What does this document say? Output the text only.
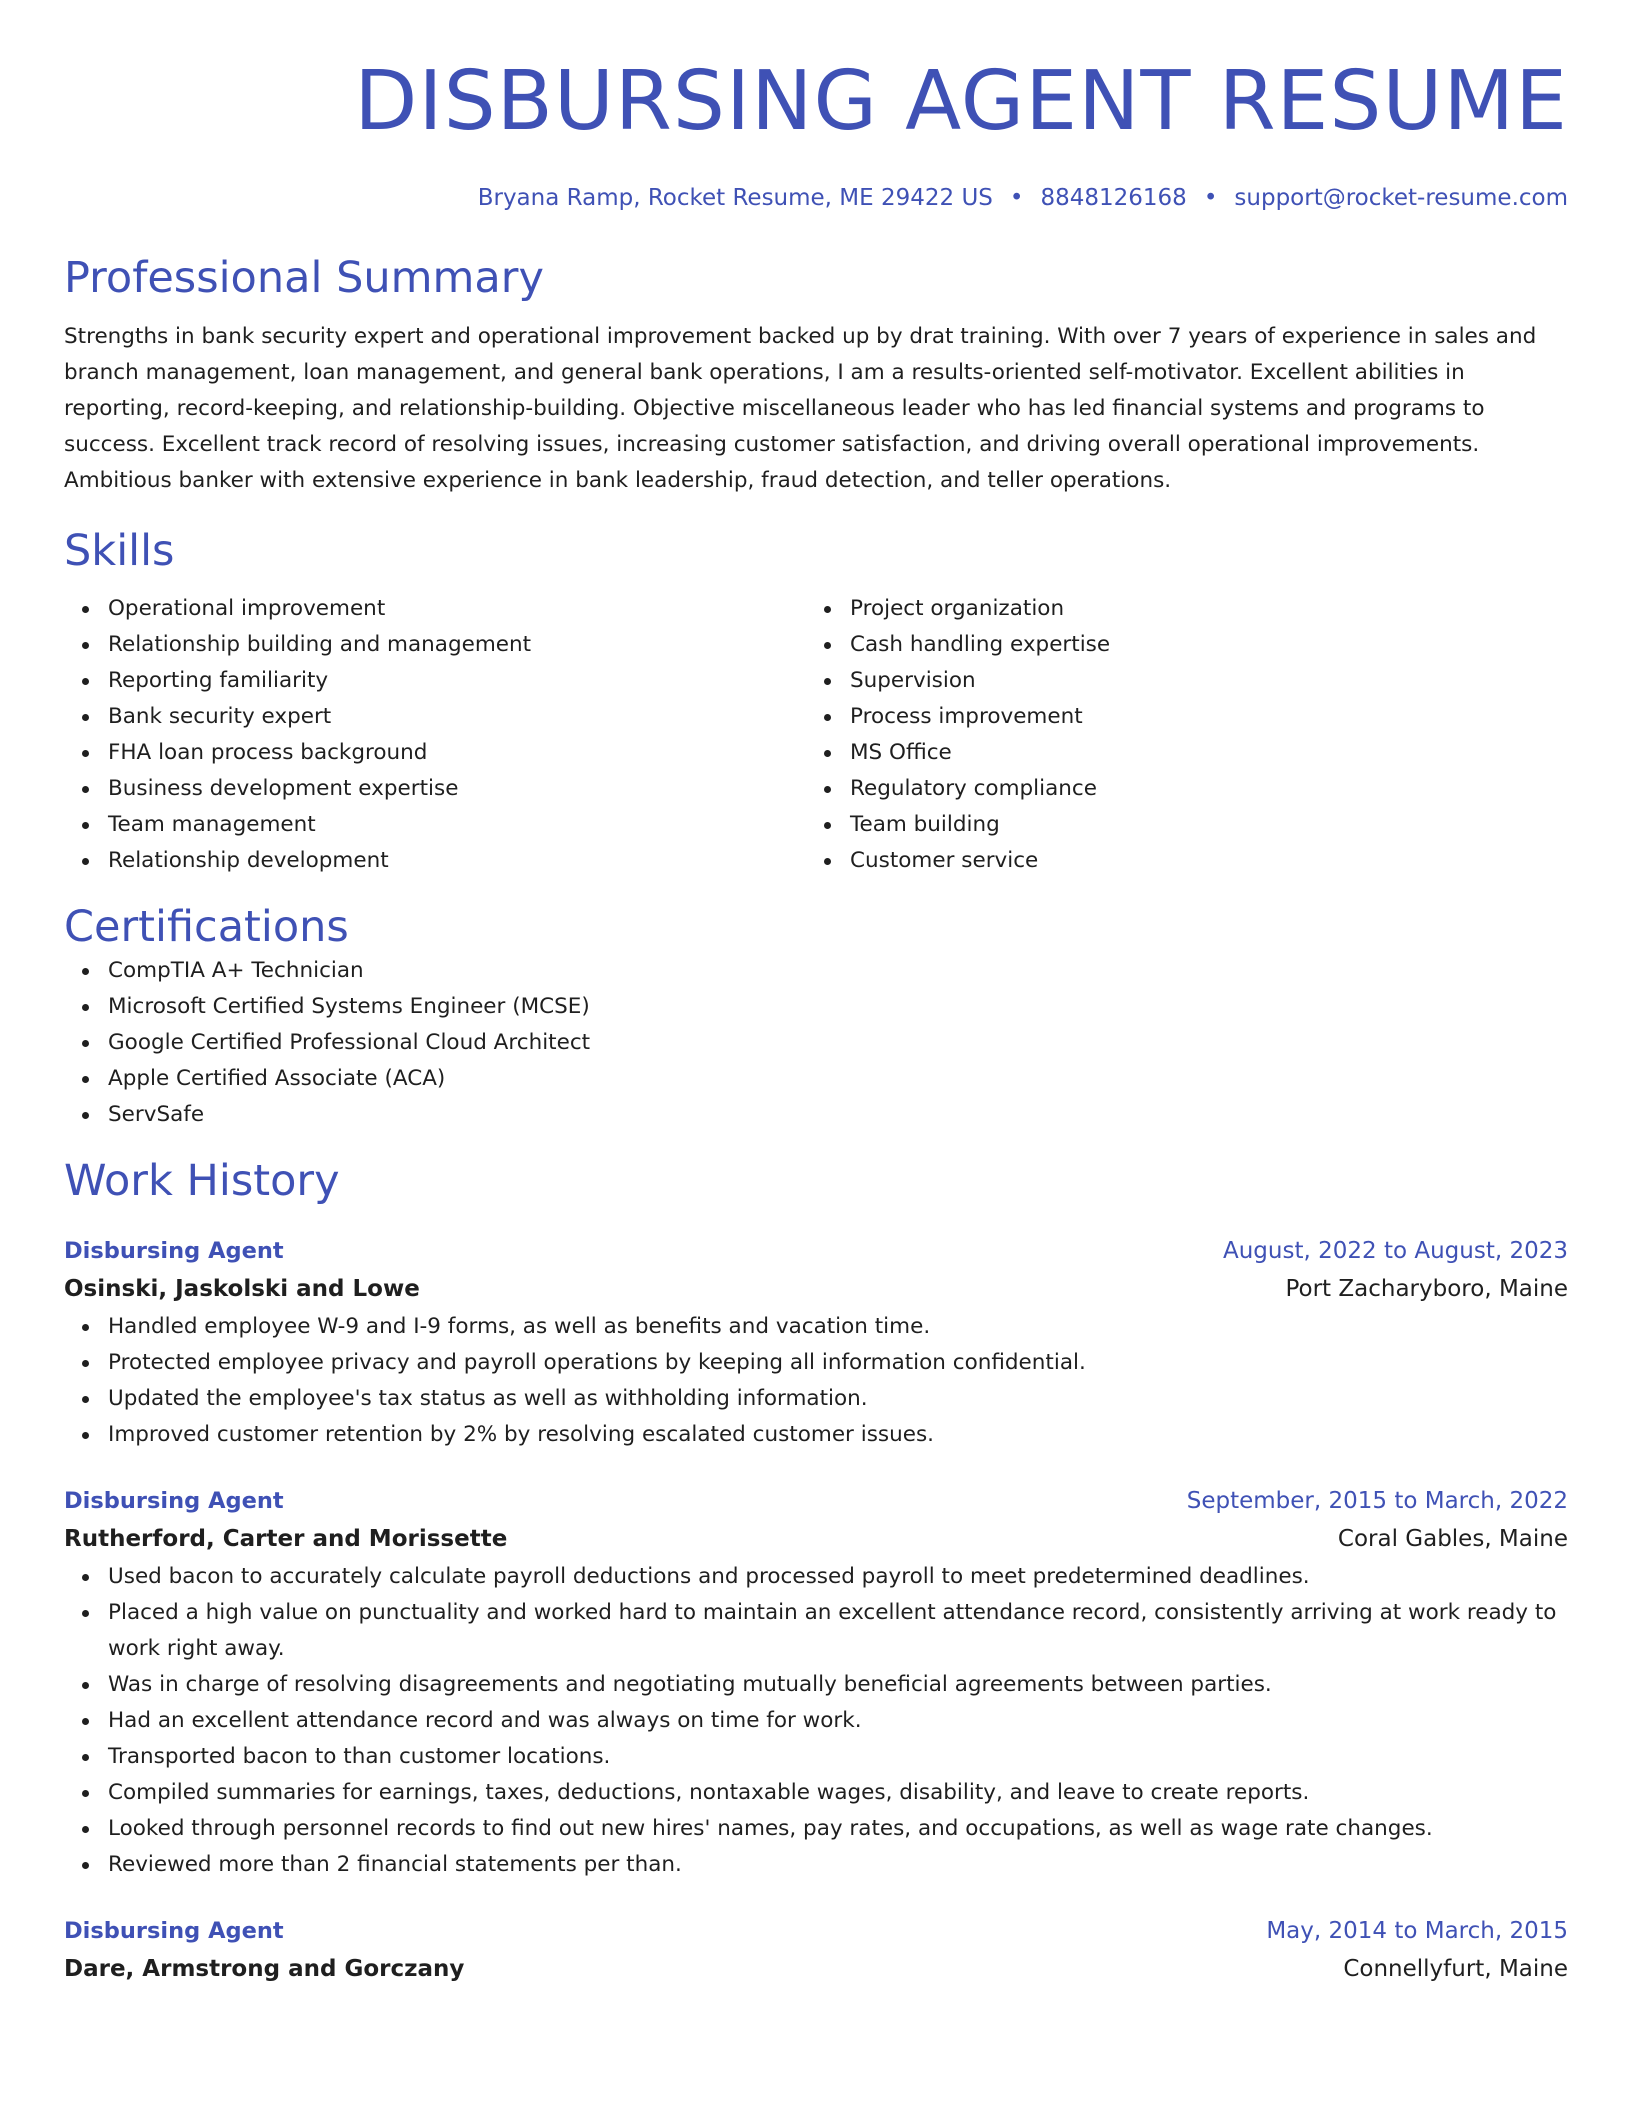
DISBURSING AGENT RESUME
Bryana Ramp, Rocket Resume, ME 29422 US • 8848126168 • support@rocket-resume.com
Professional Summary

Strengths in bank security expert and operational improvement backed up by drat training. With over 7 years of experience in sales and branch management, loan management, and general bank operations, I am a results-oriented self-motivator. Excellent abilities in reporting, record-keeping, and relationship-building. Objective miscellaneous leader who has led financial systems and programs to success. Excellent track record of resolving issues, increasing customer satisfaction, and driving overall operational improvements. Ambitious banker with extensive experience in bank leadership, fraud detection, and teller operations.

Skills
Operational improvement
Relationship building and management
Reporting familiarity
Bank security expert
FHA loan process background
Business development expertise
Team management
Relationship development
Project organization
Cash handling expertise
Supervision
Process improvement
MS Office
Regulatory compliance
Team building
Customer service
Certifications
CompTIA A+ Technician
Microsoft Certified Systems Engineer (MCSE)
Google Certified Professional Cloud Architect
Apple Certified Associate (ACA)
ServSafe
Work History
Disbursing Agent	August, 2022 to August, 2023
Osinski, Jaskolski and Lowe	Port Zacharyboro, Maine
Handled employee W-9 and I-9 forms, as well as benefits and vacation time.
Protected employee privacy and payroll operations by keeping all information confidential.
Updated the employee's tax status as well as withholding information.
Improved customer retention by 2% by resolving escalated customer issues.
Disbursing Agent	September, 2015 to March, 2022
Rutherford, Carter and Morissette	Coral Gables, Maine
Used bacon to accurately calculate payroll deductions and processed payroll to meet predetermined deadlines.
Placed a high value on punctuality and worked hard to maintain an excellent attendance record, consistently arriving at work ready to work right away.
Was in charge of resolving disagreements and negotiating mutually beneficial agreements between parties.
Had an excellent attendance record and was always on time for work.
Transported bacon to than customer locations.
Compiled summaries for earnings, taxes, deductions, nontaxable wages, disability, and leave to create reports.
Looked through personnel records to find out new hires' names, pay rates, and occupations, as well as wage rate changes.
Reviewed more than 2 financial statements per than.
Disbursing Agent	May, 2014 to March, 2015
Dare, Armstrong and Gorczany	Connellyfurt, Maine
